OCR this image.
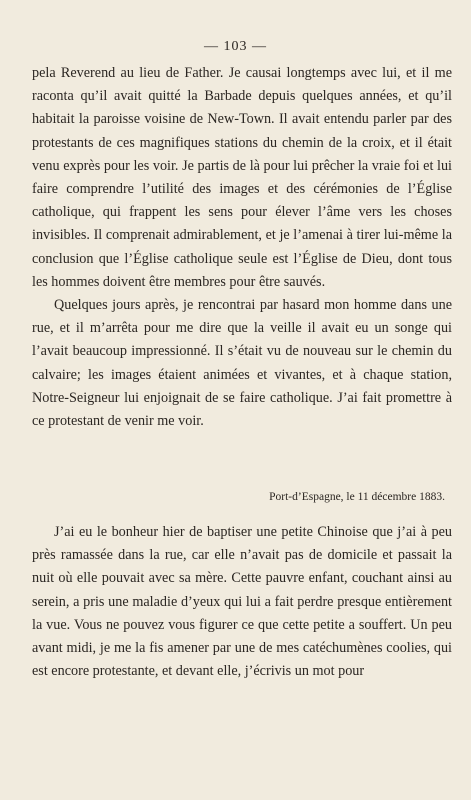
— 103 —

pela Reverend au lieu de Father. Je causai longtemps avec lui, et il me raconta qu’il avait quitté la Barbade depuis quelques années, et qu’il habitait la paroisse voisine de New-Town. Il avait entendu parler par des protestants de ces magnifiques stations du chemin de la croix, et il était venu exprès pour les voir. Je partis de là pour lui prêcher la vraie foi et lui faire comprendre l’utilité des images et des cérémonies de l’Église catholique, qui frappent les sens pour élever l’âme vers les choses invisibles. Il comprenait admirablement, et je l’amenai à tirer lui-même la conclusion que l’Église catholique seule est l’Église de Dieu, dont tous les hommes doivent être membres pour être sauvés.

Quelques jours après, je rencontrai par hasard mon homme dans une rue, et il m’arrêta pour me dire que la veille il avait eu un songe qui l’avait beaucoup impressionné. Il s’était vu de nouveau sur le chemin du calvaire; les images étaient animées et vivantes, et à chaque station, Notre-Seigneur lui enjoignait de se faire catholique. J’ai fait promettre à ce protestant de venir me voir.

Port-d’Espagne, le 11 décembre 1883.

J’ai eu le bonheur hier de baptiser une petite Chinoise que j’ai à peu près ramassée dans la rue, car elle n’avait pas de domicile et passait la nuit où elle pouvait avec sa mère. Cette pauvre enfant, couchant ainsi au serein, a pris une maladie d’yeux qui lui a fait perdre presque entièrement la vue. Vous ne pouvez vous figurer ce que cette petite a souffert. Un peu avant midi, je me la fis amener par une de mes catéchumènes coolies, qui est encore protestante, et devant elle, j’écrivis un mot pour
